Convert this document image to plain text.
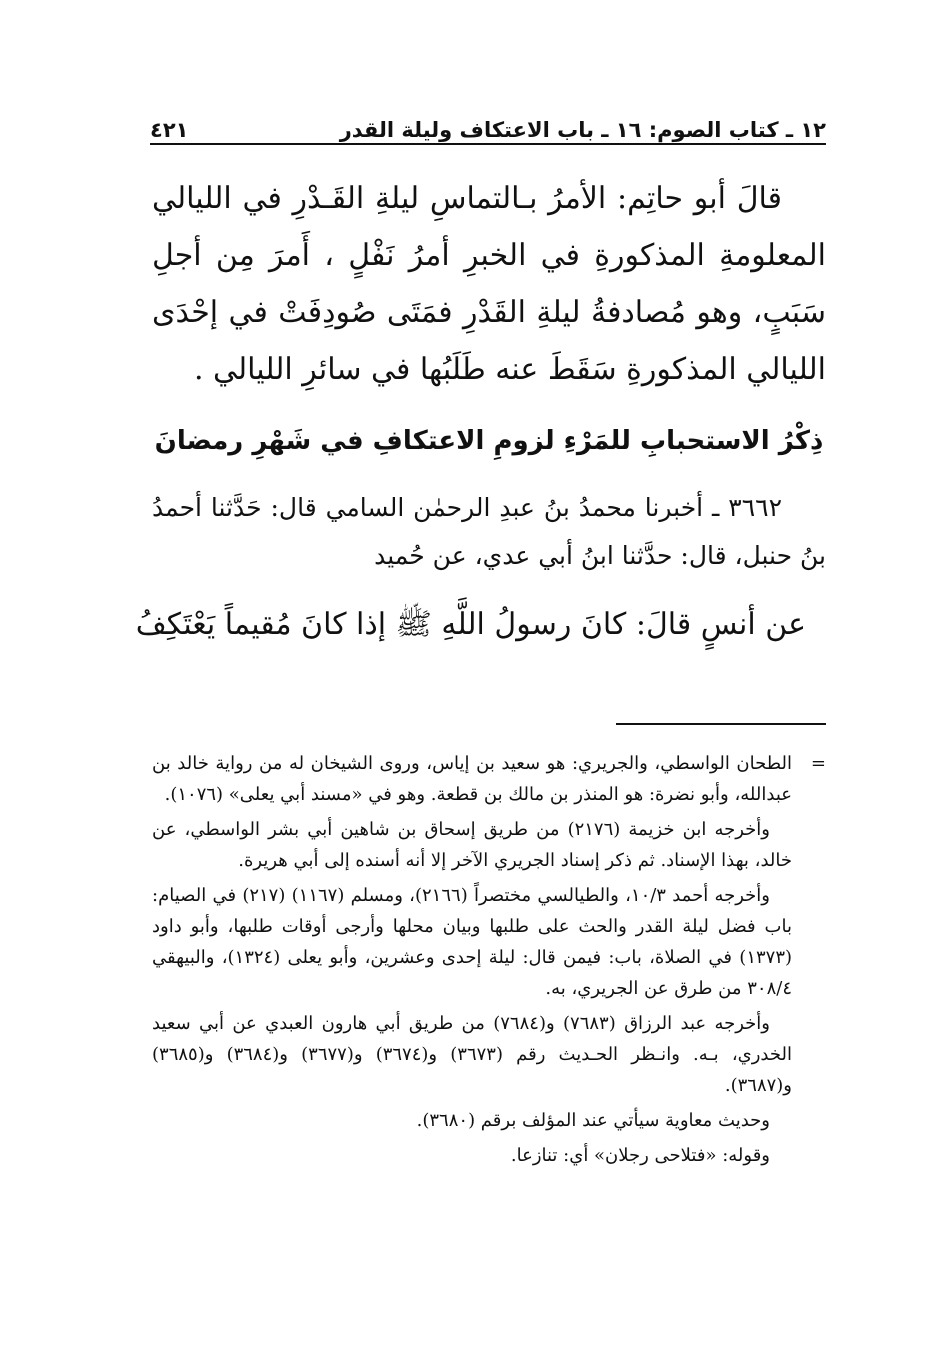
١٢ ـ كتاب الصوم: ١٦ ـ باب الاعتكاف وليلة القدر
٤٢١

قالَ أبو حاتِم: الأمرُ بـالتماسِ ليلةِ القَـدْرِ في الليالي المعلومةِ المذكورةِ في الخبرِ أمرُ نَفْلٍ ، أَمرَ مِن أجلِ سَبَبٍ، وهو مُصادفةُ ليلةِ القَدْرِ فمَتَى صُودِفَتْ في إحْدَى الليالي المذكورةِ سَقَطَ عنه طَلَبُها في سائرِ الليالي .

ذِكْرُ الاستحبابِ للمَرْءِ لزومِ الاعتكافِ في شَهْرِ رمضانَ

٣٦٦٢ ـ أخبرنا محمدُ بنُ عبدِ الرحمٰن السامي قال: حَدَّثنا أحمدُ بنُ حنبل، قال: حدَّثنا ابنُ أبي عدي، عن حُميد

عن أنسٍ قالَ: كانَ رسولُ اللَّهِ ﷺ إذا كانَ مُقيماً يَعْتَكِفُ

=
الطحان الواسطي، والجريري: هو سعيد بن إياس، وروى الشيخان له من رواية خالد بن عبدالله، وأبو نضرة: هو المنذر بن مالك بن قطعة. وهو في «مسند أبي يعلى» (١٠٧٦).

وأخرجه ابن خزيمة (٢١٧٦) من طريق إسحاق بن شاهين أبي بشر الواسطي، عن خالد، بهذا الإسناد. ثم ذكر إسناد الجريري الآخر إلا أنه أسنده إلى أبي هريرة.

وأخرجه أحمد ١٠/٣، والطيالسي مختصراً (٢١٦٦)، ومسلم (١١٦٧) (٢١٧) في الصيام: باب فضل ليلة القدر والحث على طلبها وبيان محلها وأرجى أوقات طلبها، وأبو داود (١٣٧٣) في الصلاة، باب: فيمن قال: ليلة إحدى وعشرين، وأبو يعلى (١٣٢٤)، والبيهقي ٣٠٨/٤ من طرق عن الجريري، به.

وأخرجه عبد الرزاق (٧٦٨٣) و(٧٦٨٤) من طريق أبي هارون العبدي عن أبي سعيد الخدري، بـه. وانـظر الحـديث رقم (٣٦٧٣) و(٣٦٧٤) و(٣٦٧٧) و(٣٦٨٤) و(٣٦٨٥) و(٣٦٨٧).

وحديث معاوية سيأتي عند المؤلف برقم (٣٦٨٠).

وقوله: «فتلاحى رجلان» أي: تنازعا.
